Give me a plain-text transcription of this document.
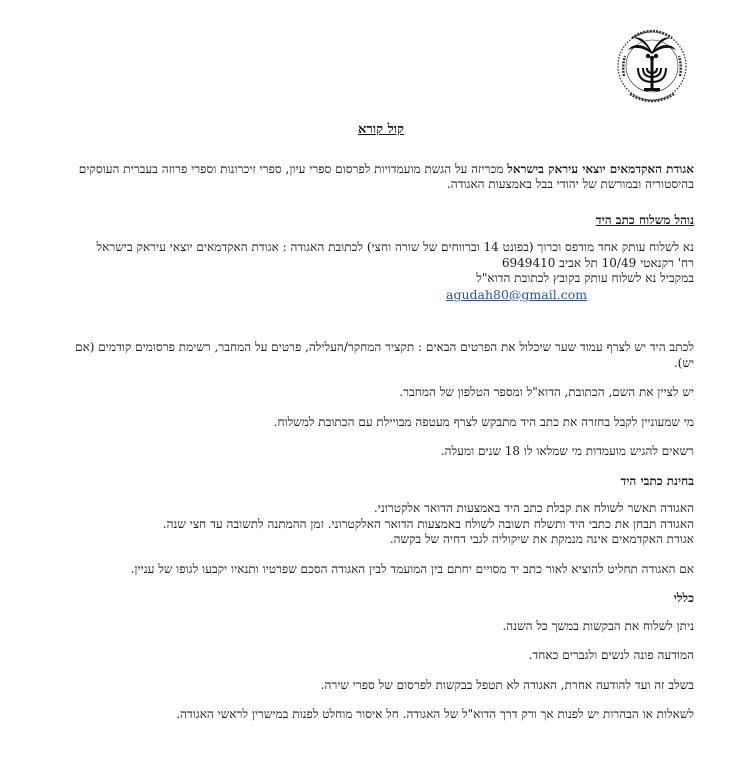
קול קורא

אגודת האקדמאים יוצאי עיראק בישראל מכריזה על הגשת מועמדויות לפרסום ספרי עיון, ספרי זיכרונות וספרי פרוזה בעברית העוסקים בהיסטוריה ובמורשת של יהודי בבל באמצעות האגודה.

נוהל משלוח כתב היד

נא לשלוח עותק אחד מודפס וכרוך (בפונט 14 וברווחים של שורה וחצי) לכתובת האגודה : אגודת האקדמאים יוצאי עיראק בישראל

רח' רקנאטי 10/49 תל אביב 6949410

במקביל נא לשלוח עותק בקובץ לכתובת הדוא"ל

agudah80@gmail.com

לכתב היד יש לצרף עמוד שער שיכלול את הפרטים הבאים : תקציר המחקר/העלילה, פרטים על המחבר, רשימת פרסומים קודמים (אם יש).

יש לציין את השם, הכתובת, הדוא"ל ומספר הטלפון של המחבר.

מי שמעוניין לקבל בחזרה את כתב היד מתבקש לצרף מעטפה מבויילת עם הכתובת למשלוח.

רשאים להגיש מועמדות מי שמלאו לו 18 שנים ומעלה.

בחינת כתבי היד

האגודה תאשר לשולח את קבלת כתב היד באמצעות הדואר אלקטרוני.

האגודה תבחן את כתבי היד ותשלח תשובה לשולח באמצעות הדואר האלקטרוני. זמן ההמתנה לתשובה עד חצי שנה.

אגודת האקדמאים אינה מנמקת את שיקוליה לגבי דחיה של בקשה.

אם האגודה תחליט להוציא לאור כתב יד מסויים יחתם בין המועמד לבין האגודה הסכם שפרטיו ותנאיו יקבעו לגופו של עניין.

כללי

ניתן לשלוח את הבקשות במשך כל השנה.

המודעה פונה לנשים ולגברים כאחד.

בשלב זה ועד להודעה אחרת, האגודה לא תטפל בבקשות לפרסום של ספרי שירה.

לשאלות או הבהרות יש לפנות אך ורק דרך הדוא"ל של האגודה. חל איסור מוחלט לפנות במישרין לראשי האגודה.
